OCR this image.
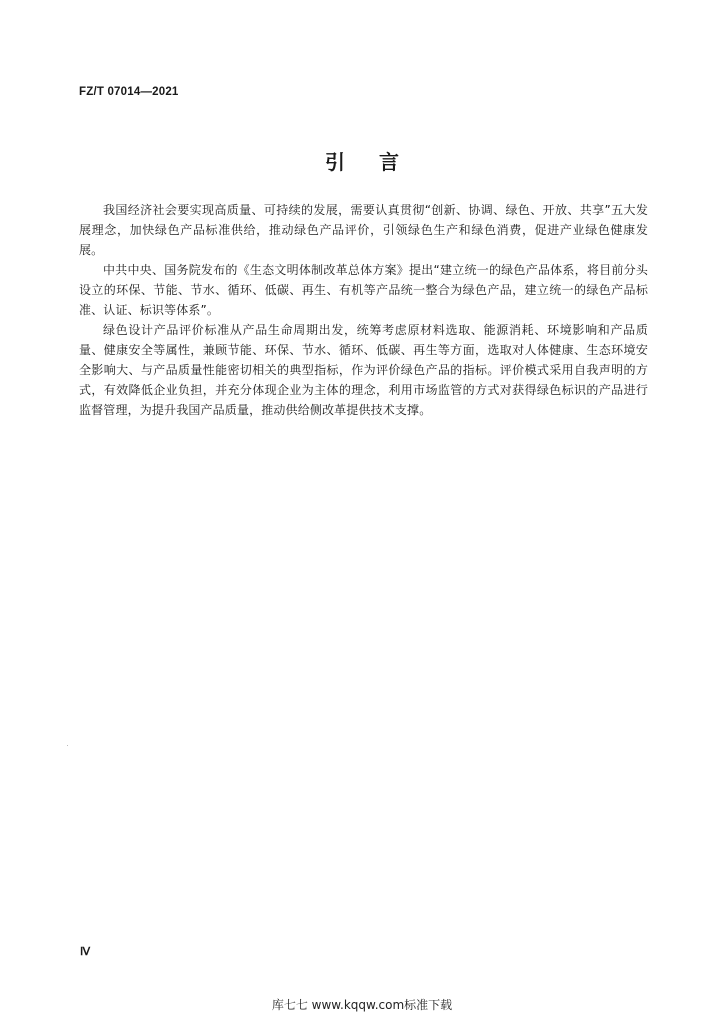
FZ/T 07014—2021
引言

我国经济社会要实现高质量、可持续的发展，需要认真贯彻“创新、协调、绿色、开放、共享”五大发展理念，加快绿色产品标准供给，推动绿色产品评价，引领绿色生产和绿色消费，促进产业绿色健康发展。

中共中央、国务院发布的《生态文明体制改革总体方案》提出“建立统一的绿色产品体系，将目前分头设立的环保、节能、节水、循环、低碳、再生、有机等产品统一整合为绿色产品，建立统一的绿色产品标准、认证、标识等体系”。

绿色设计产品评价标准从产品生命周期出发，统筹考虑原材料选取、能源消耗、环境影响和产品质量、健康安全等属性，兼顾节能、环保、节水、循环、低碳、再生等方面，选取对人体健康、生态环境安全影响大、与产品质量性能密切相关的典型指标，作为评价绿色产品的指标。评价模式采用自我声明的方式，有效降低企业负担，并充分体现企业为主体的理念，利用市场监管的方式对获得绿色标识的产品进行监督管理，为提升我国产品质量，推动供给侧改革提供技术支撑。

Ⅳ
库七七 www.kqqw.com标准下载
